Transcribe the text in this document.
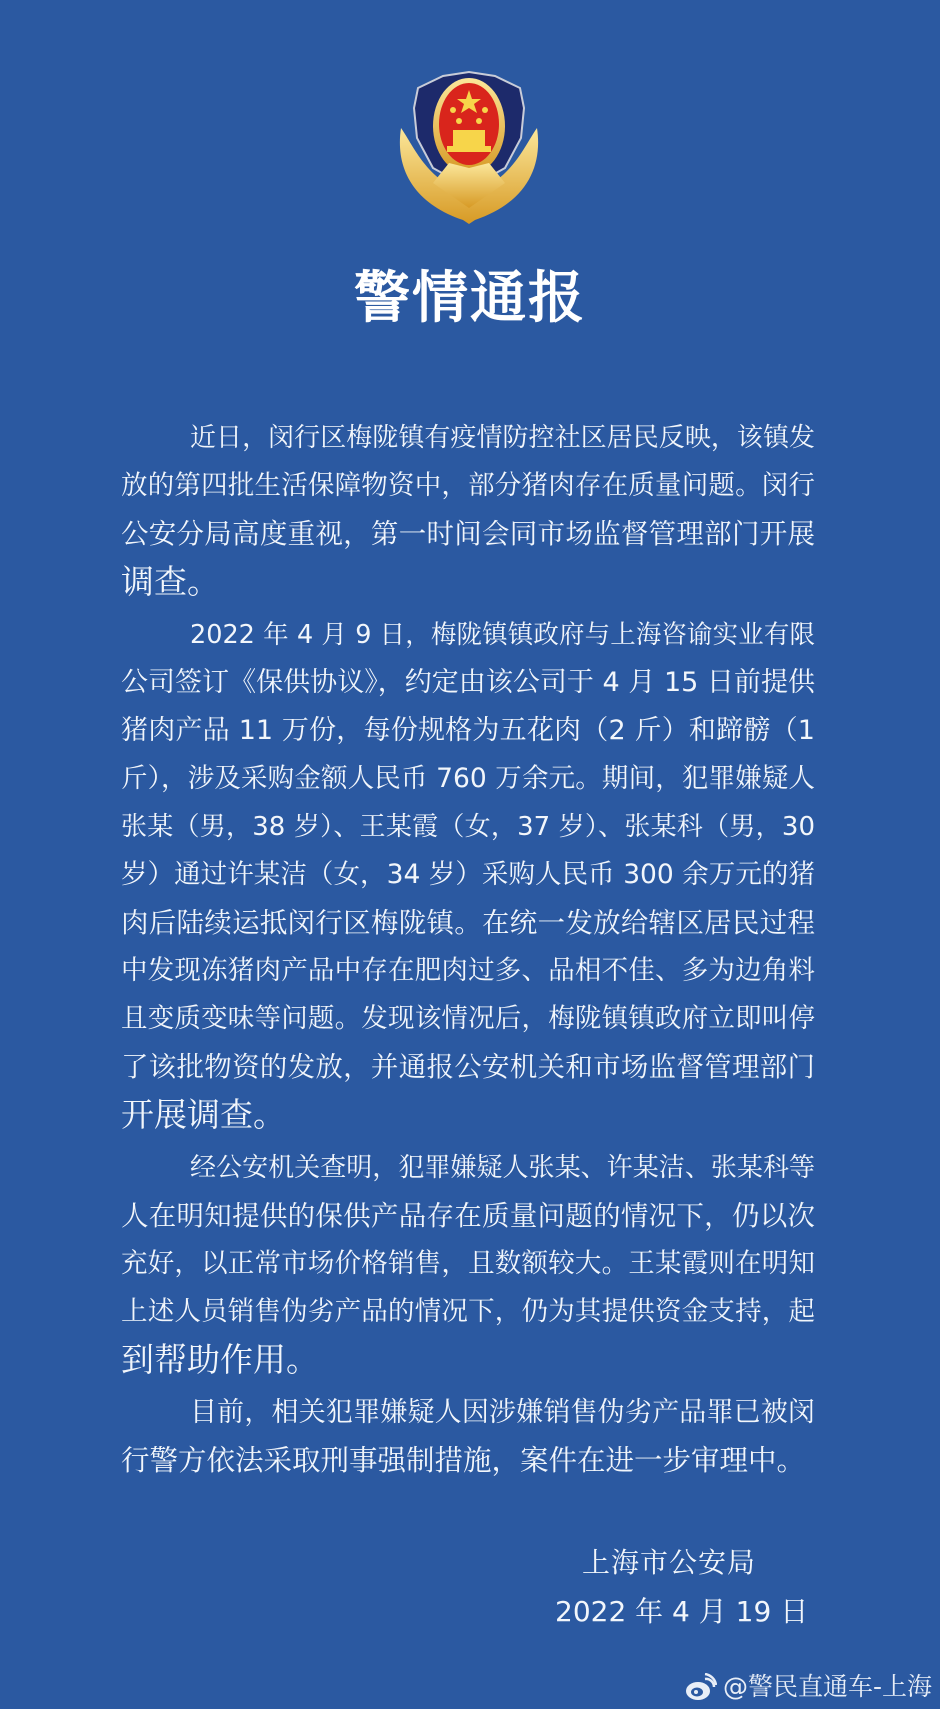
警情通报
近日，闵行区梅陇镇有疫情防控社区居民反映，该镇发
放的第四批生活保障物资中，部分猪肉存在质量问题。闵行
公安分局高度重视，第一时间会同市场监督管理部门开展
调查。
2022 年 4 月 9 日，梅陇镇镇政府与上海咨谕实业有限
公司签订《保供协议》，约定由该公司于 4 月 15 日前提供
猪肉产品 11 万份，每份规格为五花肉（2 斤）和蹄髈（1
斤），涉及采购金额人民币 760 万余元。期间，犯罪嫌疑人
张某（男，38 岁）、王某霞（女，37 岁）、张某科（男，30
岁）通过许某洁（女，34 岁）采购人民币 300 余万元的猪
肉后陆续运抵闵行区梅陇镇。在统一发放给辖区居民过程
中发现冻猪肉产品中存在肥肉过多、品相不佳、多为边角料
且变质变味等问题。发现该情况后，梅陇镇镇政府立即叫停
了该批物资的发放，并通报公安机关和市场监督管理部门
开展调查。
经公安机关查明，犯罪嫌疑人张某、许某洁、张某科等
人在明知提供的保供产品存在质量问题的情况下，仍以次
充好，以正常市场价格销售，且数额较大。王某霞则在明知
上述人员销售伪劣产品的情况下，仍为其提供资金支持，起
到帮助作用。
目前，相关犯罪嫌疑人因涉嫌销售伪劣产品罪已被闵
行警方依法采取刑事强制措施，案件在进一步审理中。
上海市公安局
2022 年 4 月 19 日
@警民直通车-上海
